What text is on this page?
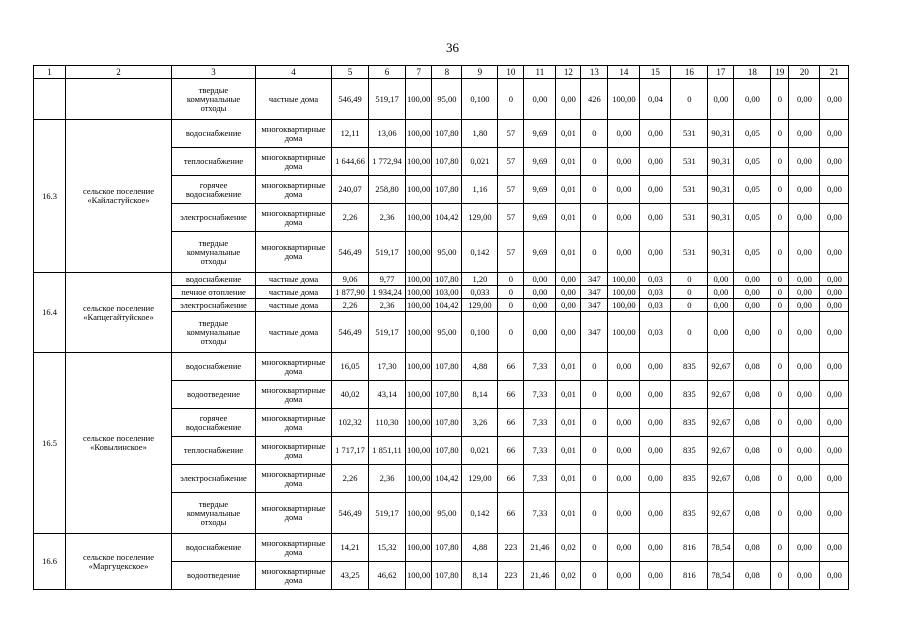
36
1	2	3	4	5	6	7	8	9	10	11	12	13	14	15	16	17	18	19	20	21
		твердые коммунальные отходы	частные дома	546,49	519,17	100,00	95,00	0,100	0	0,00	0,00	426	100,00	0,04	0	0,00	0,00	0	0,00	0,00
16.3	сельское поселение «Кайластуйское»	водоснабжение	многоквартирные дома	12,11	13,06	100,00	107,80	1,80	57	9,69	0,01	0	0,00	0,00	531	90,31	0,05	0	0,00	0,00
		теплоснабжение	многоквартирные дома	1 644,66	1 772,94	100,00	107,80	0,021	57	9,69	0,01	0	0,00	0,00	531	90,31	0,05	0	0,00	0,00
		горячее водоснабжение	многоквартирные дома	240,07	258,80	100,00	107,80	1,16	57	9,69	0,01	0	0,00	0,00	531	90,31	0,05	0	0,00	0,00
		электроснабжение	многоквартирные дома	2,26	2,36	100,00	104,42	129,00	57	9,69	0,01	0	0,00	0,00	531	90,31	0,05	0	0,00	0,00
		твердые коммунальные отходы	многоквартирные дома	546,49	519,17	100,00	95,00	0,142	57	9,69	0,01	0	0,00	0,00	531	90,31	0,05	0	0,00	0,00
16.4	сельское поселение «Капцегайтуйское»	водоснабжение	частные дома	9,06	9,77	100,00	107,80	1,20	0	0,00	0,00	347	100,00	0,03	0	0,00	0,00	0	0,00	0,00
		печное отопление	частные дома	1 877,90	1 934,24	100,00	103,00	0,033	0	0,00	0,00	347	100,00	0,03	0	0,00	0,00	0	0,00	0,00
		электроснабжение	частные дома	2,26	2,36	100,00	104,42	129,00	0	0,00	0,00	347	100,00	0,03	0	0,00	0,00	0	0,00	0,00
		твердые коммунальные отходы	частные дома	546,49	519,17	100,00	95,00	0,100	0	0,00	0,00	347	100,00	0,03	0	0,00	0,00	0	0,00	0,00
16.5	сельское поселение «Ковылинское»	водоснабжение	многоквартирные дома	16,05	17,30	100,00	107,80	4,88	66	7,33	0,01	0	0,00	0,00	835	92,67	0,08	0	0,00	0,00
		водоотведение	многоквартирные дома	40,02	43,14	100,00	107,80	8,14	66	7,33	0,01	0	0,00	0,00	835	92,67	0,08	0	0,00	0,00
		горячее водоснабжение	многоквартирные дома	102,32	110,30	100,00	107,80	3,26	66	7,33	0,01	0	0,00	0,00	835	92,67	0,08	0	0,00	0,00
		теплоснабжение	многоквартирные дома	1 717,17	1 851,11	100,00	107,80	0,021	66	7,33	0,01	0	0,00	0,00	835	92,67	0,08	0	0,00	0,00
		электроснабжение	многоквартирные дома	2,26	2,36	100,00	104,42	129,00	66	7,33	0,01	0	0,00	0,00	835	92,67	0,08	0	0,00	0,00
		твердые коммунальные отходы	многоквартирные дома	546,49	519,17	100,00	95,00	0,142	66	7,33	0,01	0	0,00	0,00	835	92,67	0,08	0	0,00	0,00
16.6	сельское поселение «Маргуцекское»	водоснабжение	многоквартирные дома	14,21	15,32	100,00	107,80	4,88	223	21,46	0,02	0	0,00	0,00	816	78,54	0,08	0	0,00	0,00
		водоотведение	многоквартирные дома	43,25	46,62	100,00	107,80	8,14	223	21,46	0,02	0	0,00	0,00	816	78,54	0,08	0	0,00	0,00
